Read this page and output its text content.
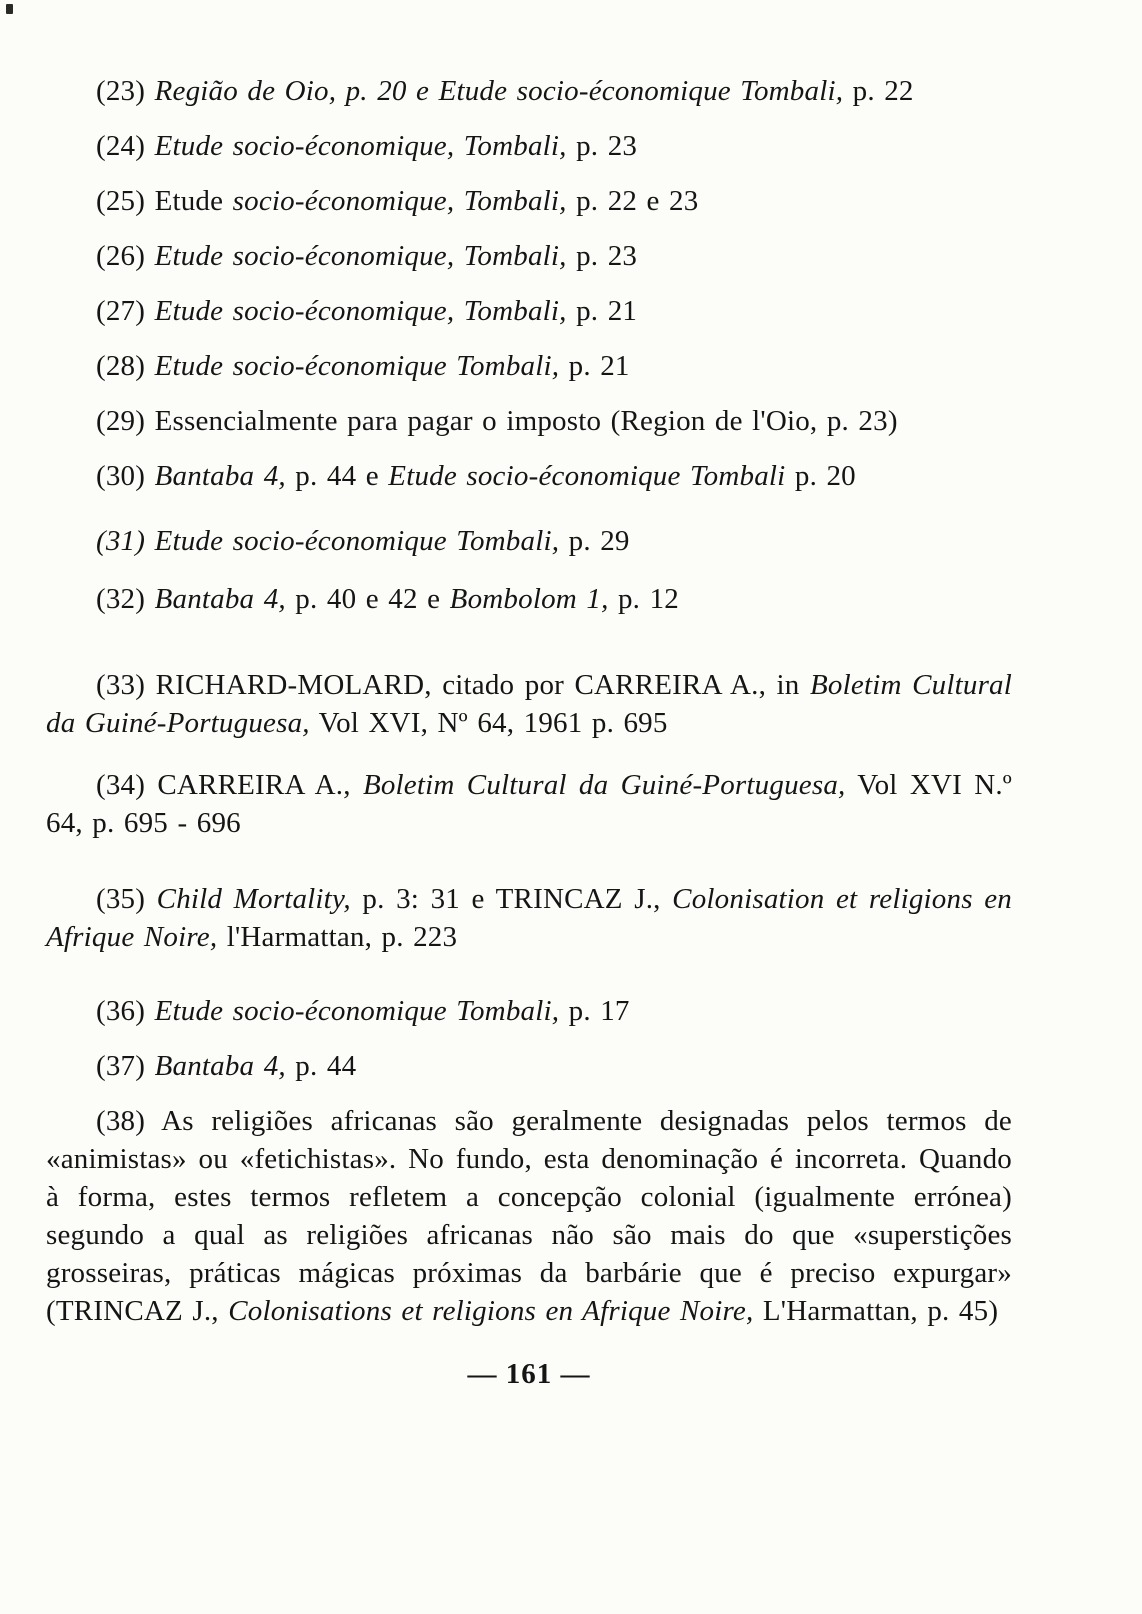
(23) Região de Oio, p. 20 e Etude socio-économique Tombali, p. 22

(24) Etude socio-économique, Tombali, p. 23

(25) Etude socio-économique, Tombali, p. 22 e 23

(26) Etude socio-économique, Tombali, p. 23

(27) Etude socio-économique, Tombali, p. 21

(28) Etude socio-économique Tombali, p. 21

(29) Essencialmente para pagar o imposto (Region de l'Oio, p. 23)

(30) Bantaba 4, p. 44 e Etude socio-économique Tombali p. 20

(31) Etude socio-économique Tombali, p. 29

(32) Bantaba 4, p. 40 e 42 e Bombolom 1, p. 12

(33) RICHARD-MOLARD, citado por CARREIRA A., in Boletim Cultural da Guiné-Portuguesa, Vol XVI, Nº 64, 1961 p. 695

(34) CARREIRA A., Boletim Cultural da Guiné-Portuguesa, Vol XVI N.º 64, p. 695 - 696

(35) Child Mortality, p. 3: 31 e TRINCAZ J., Colonisation et religions en Afrique Noire, l'Harmattan, p. 223

(36) Etude socio-économique Tombali, p. 17

(37) Bantaba 4, p. 44

(38) As religiões africanas são geralmente designadas pelos termos de «animistas» ou «fetichistas». No fundo, esta denominação é incorreta. Quando à forma, estes termos refletem a concepção colonial (igualmente errónea) segundo a qual as religiões africanas não são mais do que «superstições grosseiras, práticas mágicas próximas da barbárie que é preciso expurgar» (TRINCAZ J., Colonisations et religions en Afrique Noire, L'Harmattan, p. 45)

— 161 —
